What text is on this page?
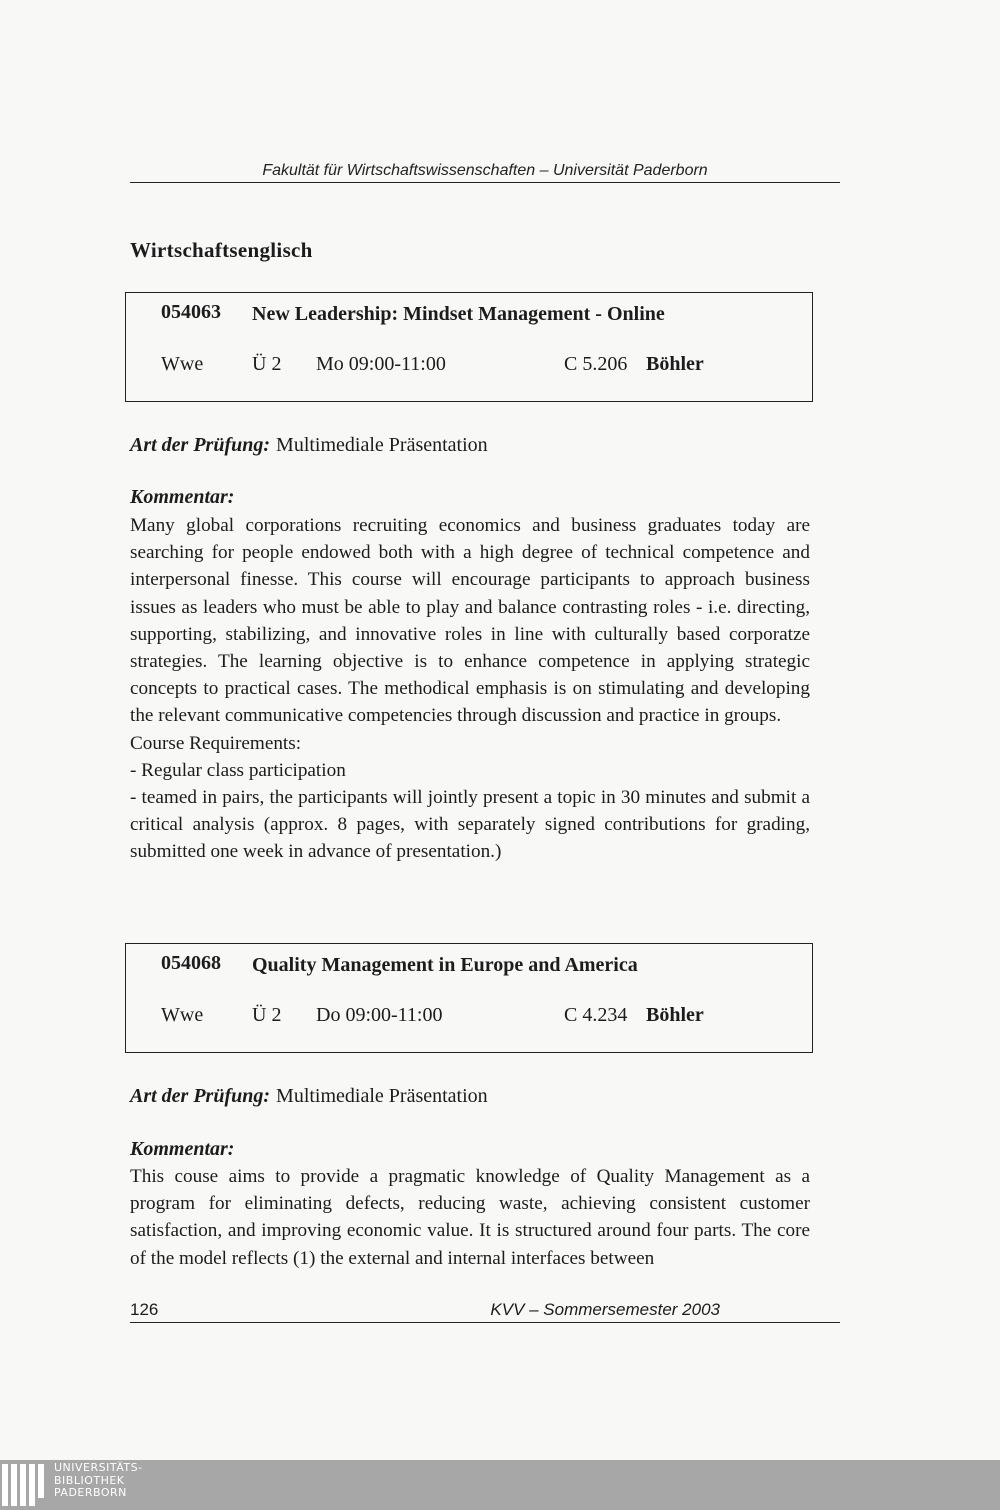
Fakultät für Wirtschaftswissenschaften – Universität Paderborn
Wirtschaftsenglisch
054063 New Leadership: Mindset Management - Online
Wwe Ü 2 Mo 09:00-11:00	C 5.206 Böhler
Art der Prüfung: Multimediale Präsentation
Kommentar:

Many global corporations recruiting economics and business graduates today are searching for people endowed both with a high degree of technical competence and interpersonal finesse. This course will encourage participants to approach business issues as leaders who must be able to play and balance contrasting roles - i.e. directing, supporting, stabilizing, and innovative roles in line with culturally based corporatze strategies. The learning objective is to enhance competence in applying strategic concepts to practical cases. The methodical emphasis is on stimulating and developing the relevant communicative competencies through discussion and practice in groups.

Course Requirements:

- Regular class participation

- teamed in pairs, the participants will jointly present a topic in 30 minutes and submit a critical analysis (approx. 8 pages, with separately signed contributions for grading, submitted one week in advance of presentation.)

054068 Quality Management in Europe and America
Wwe Ü 2 Do 09:00-11:00	C 4.234 Böhler
Art der Prüfung: Multimediale Präsentation
Kommentar:

This couse aims to provide a pragmatic knowledge of Quality Management as a program for eliminating defects, reducing waste, achieving consistent customer satisfaction, and improving economic value. It is structured around four parts. The core of the model reflects (1) the external and internal interfaces between

126	KVV – Sommersemester 2003
UNIVERSITÄTS-
BIBLIOTHEK
PADERBORN
